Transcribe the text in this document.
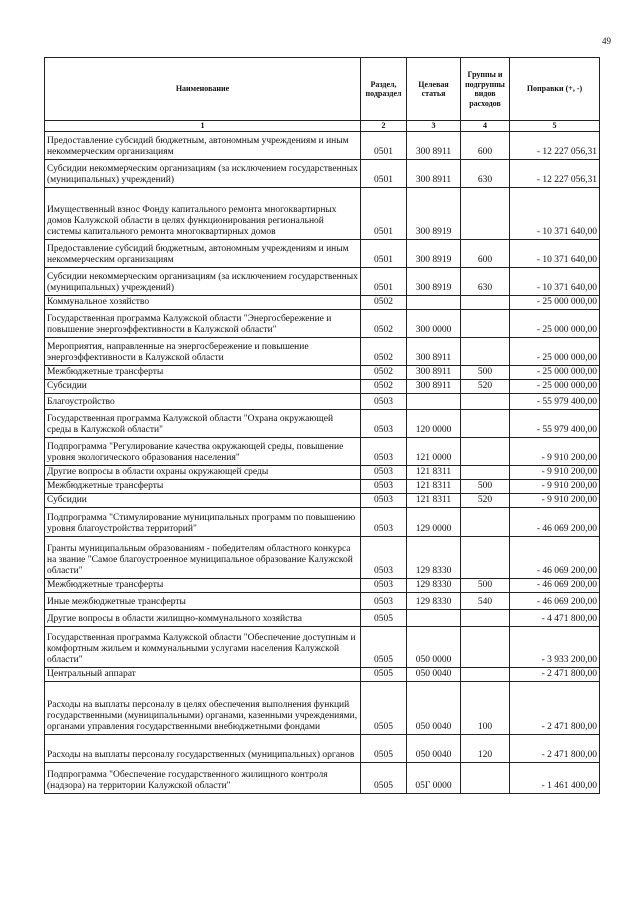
49
Наименование	Раздел, подраздел	Целевая статья	Группы и подгруппы видов расходов	Поправки (+, -)
1	2	3	4	5
Предоставление субсидий бюджетным, автономным учреждениям и иным некоммерческим организациям	0501	300 8911	600	- 12 227 056,31
Субсидии некоммерческим организациям (за исключением государственных (муниципальных) учреждений)	0501	300 8911	630	- 12 227 056,31
Имущественный взнос Фонду капитального ремонта многоквартирных домов Калужской области в целях функционирования региональной системы капитального ремонта многоквартирных домов	0501	300 8919		- 10 371 640,00
Предоставление субсидий бюджетным, автономным учреждениям и иным некоммерческим организациям	0501	300 8919	600	- 10 371 640,00
Субсидии некоммерческим организациям (за исключением государственных (муниципальных) учреждений)	0501	300 8919	630	- 10 371 640,00
Коммунальное хозяйство	0502			- 25 000 000,00
Государственная программа Калужской области "Энергосбережение и повышение энергоэффективности в Калужской области"	0502	300 0000		- 25 000 000,00
Мероприятия, направленные на энергосбережение и повышение энергоэффективности в Калужской области	0502	300 8911		- 25 000 000,00
Межбюджетные трансферты	0502	300 8911	500	- 25 000 000,00
Субсидии	0502	300 8911	520	- 25 000 000,00
Благоустройство	0503			- 55 979 400,00
Государственная программа Калужской области "Охрана окружающей среды в Калужской области"	0503	120 0000		- 55 979 400,00
Подпрограмма "Регулирование качества окружающей среды, повышение уровня экологического образования населения"	0503	121 0000		- 9 910 200,00
Другие вопросы в области охраны окружающей среды	0503	121 8311		- 9 910 200,00
Межбюджетные трансферты	0503	121 8311	500	- 9 910 200,00
Субсидии	0503	121 8311	520	- 9 910 200,00
Подпрограмма "Стимулирование муниципальных программ по повышению уровня благоустройства территорий"	0503	129 0000		- 46 069 200,00
Гранты муниципальным образованиям - победителям областного конкурса на звание "Самое благоустроенное муниципальное образование Калужской области"	0503	129 8330		- 46 069 200,00
Межбюджетные трансферты	0503	129 8330	500	- 46 069 200,00
Иные межбюджетные трансферты	0503	129 8330	540	- 46 069 200,00
Другие вопросы в области жилищно-коммунального хозяйства	0505			- 4 471 800,00
Государственная программа Калужской области "Обеспечение доступным и комфортным жильем и коммунальными услугами населения Калужской области"	0505	050 0000		- 3 933 200,00
Центральный аппарат	0505	050 0040		- 2 471 800,00
Расходы на выплаты персоналу в целях обеспечения выполнения функций государственными (муниципальными) органами, казенными учреждениями, органами управления государственными внебюджетными фондами	0505	050 0040	100	- 2 471 800,00
Расходы на выплаты персоналу государственных (муниципальных) органов	0505	050 0040	120	- 2 471 800,00
Подпрограмма "Обеспечение государственного жилищного контроля (надзора) на территории Калужской области"	0505	05Г 0000		- 1 461 400,00
